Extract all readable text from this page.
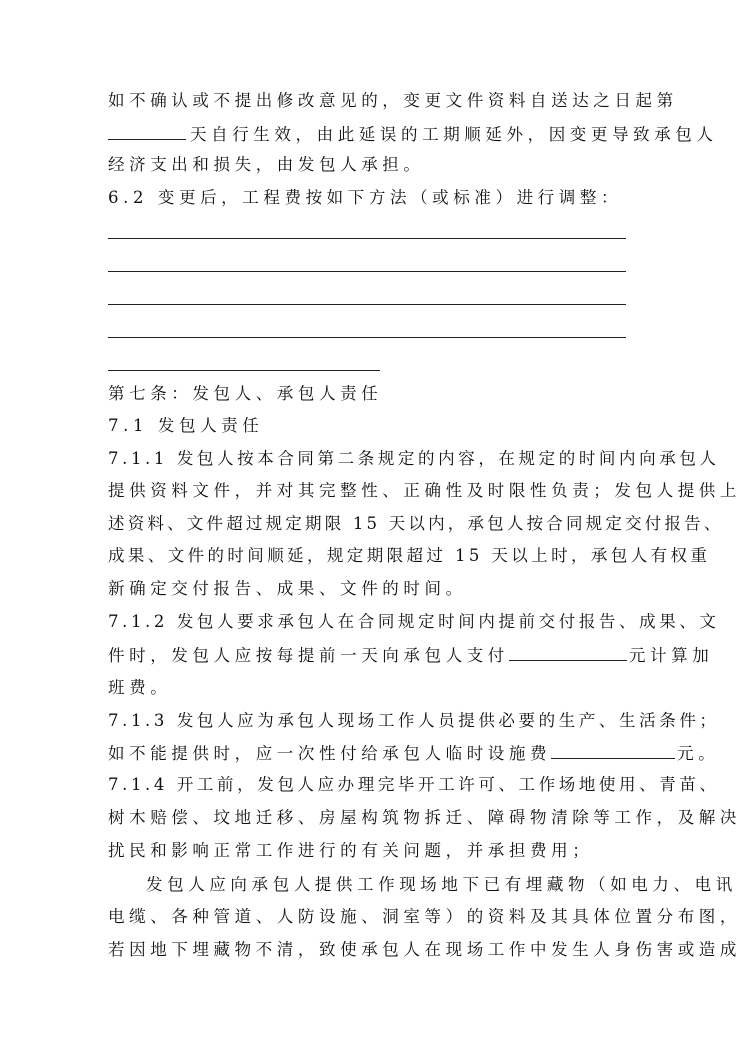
如不确认或不提出修改意见的，变更文件资料自送达之日起第
天自行生效，由此延误的工期顺延外，因变更导致承包人
经济支出和损失，由发包人承担。
6.2 变更后，工程费按如下方法（或标准）进行调整：
第七条：发包人、承包人责任
7.1 发包人责任
7.1.1 发包人按本合同第二条规定的内容，在规定的时间内向承包人
提供资料文件，并对其完整性、正确性及时限性负责；发包人提供上
述资料、文件超过规定期限 15 天以内，承包人按合同规定交付报告、
成果、文件的时间顺延，规定期限超过 15 天以上时，承包人有权重
新确定交付报告、成果、文件的时间。
7.1.2 发包人要求承包人在合同规定时间内提前交付报告、成果、文
件时，发包人应按每提前一天向承包人支付	元计算加
班费。
7.1.3 发包人应为承包人现场工作人员提供必要的生产、生活条件；
如不能提供时，应一次性付给承包人临时设施费	元。
7.1.4 开工前，发包人应办理完毕开工许可、工作场地使用、青苗、
树木赔偿、坟地迁移、房屋构筑物拆迁、障碍物清除等工作，及解决
扰民和影响正常工作进行的有关问题，并承担费用；
发包人应向承包人提供工作现场地下已有埋藏物（如电力、电讯
电缆、各种管道、人防设施、洞室等）的资料及其具体位置分布图，
若因地下埋藏物不清，致使承包人在现场工作中发生人身伤害或造成
